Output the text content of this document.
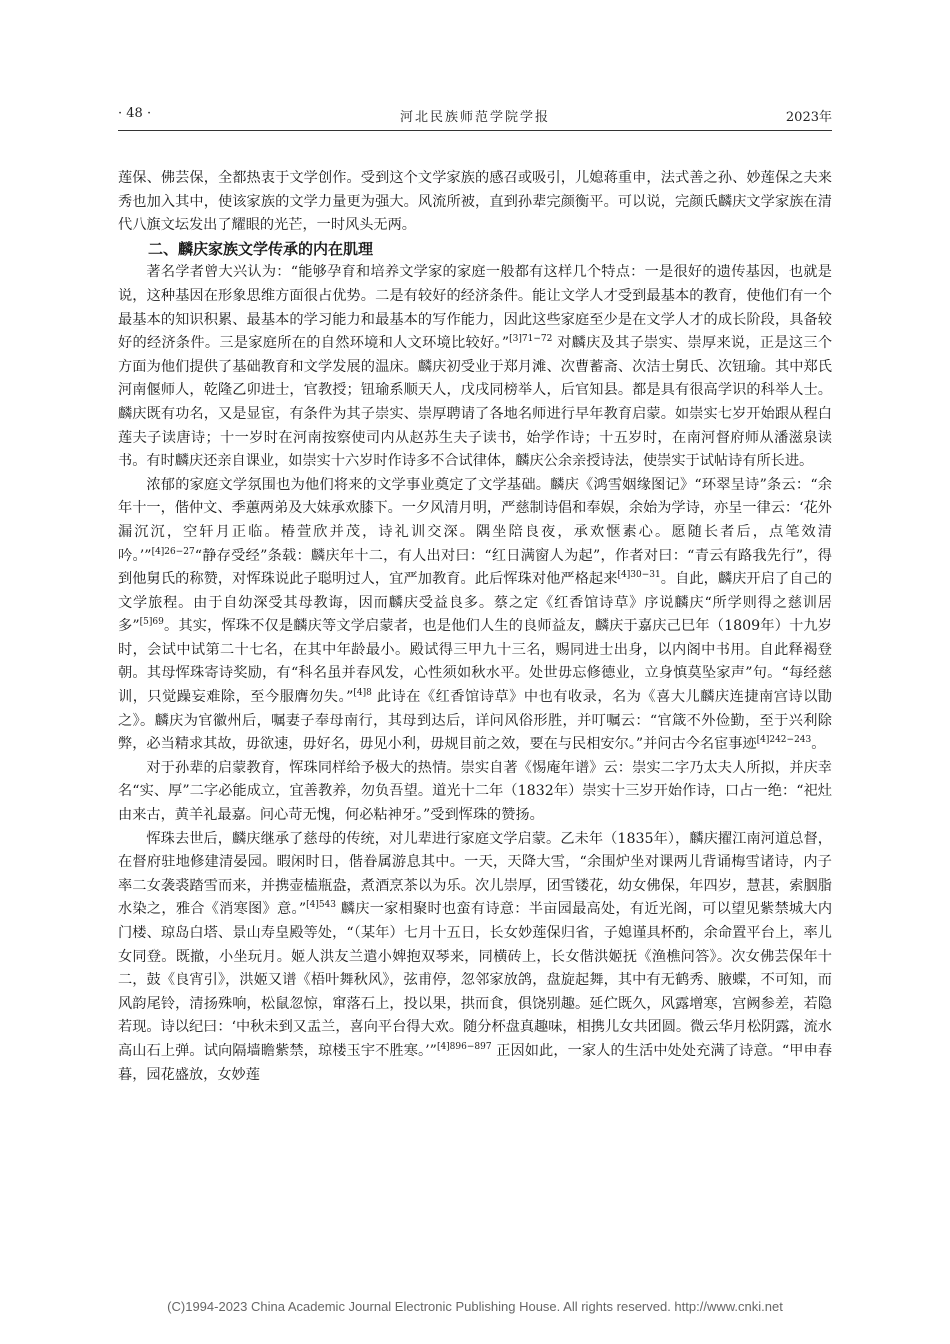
· 48 ·	河北民族师范学院学报	2023年

莲保、佛芸保，全都热衷于文学创作。受到这个文学家族的感召或吸引，儿媳蒋重申，法式善之孙、妙莲保之夫来秀也加入其中，使该家族的文学力量更为强大。风流所被，直到孙辈完颜衡平。可以说，完颜氏麟庆文学家族在清代八旗文坛发出了耀眼的光芒，一时风头无两。

二、麟庆家族文学传承的内在肌理

著名学者曾大兴认为：“能够孕育和培养文学家的家庭一般都有这样几个特点：一是很好的遗传基因，也就是说，这种基因在形象思维方面很占优势。二是有较好的经济条件。能让文学人才受到最基本的教育，使他们有一个最基本的知识积累、最基本的学习能力和最基本的写作能力，因此这些家庭至少是在文学人才的成长阶段，具备较好的经济条件。三是家庭所在的自然环境和人文环境比较好。”$^{[3]71-72}$ 对麟庆及其子崇实、崇厚来说，正是这三个方面为他们提供了基础教育和文学发展的温床。麟庆初受业于郑月滩、次曹蓄斋、次洁士舅氏、次钮瑜。其中郑氏河南偃师人，乾隆乙卯进士，官教授；钮瑜系顺天人，戊戌同榜举人，后官知县。都是具有很高学识的科举人士。麟庆既有功名，又是显宦，有条件为其子崇实、崇厚聘请了各地名师进行早年教育启蒙。如崇实七岁开始跟从程白莲夫子读唐诗；十一岁时在河南按察使司内从赵苏生夫子读书，始学作诗；十五岁时，在南河督府师从潘滋泉读书。有时麟庆还亲自课业，如崇实十六岁时作诗多不合试律体，麟庆公余亲授诗法，使崇实于试帖诗有所长进。

浓郁的家庭文学氛围也为他们将来的文学事业奠定了文学基础。麟庆《鸿雪姻缘图记》“环翠呈诗”条云：“余年十一，偕仲文、季蕙两弟及大妹承欢膝下。一夕风清月明，严慈制诗倡和奉娱，余始为学诗，亦呈一律云：‘花外漏沉沉，空轩月正临。椿萱欣并茂，诗礼训交深。隅坐陪良夜，承欢惬素心。愿随长者后，点笔效清吟。’”$^{[4]26-27}$“静存受经”条载：麟庆年十二，有人出对曰：“红日满窗人为起”，作者对曰：“青云有路我先行”，得到他舅氏的称赞，对恽珠说此子聪明过人，宜严加教育。此后恽珠对他严格起来$^{[4]30-31}$。自此，麟庆开启了自己的文学旅程。由于自幼深受其母教诲，因而麟庆受益良多。蔡之定《红香馆诗草》序说麟庆“所学则得之慈训居多”$^{[5]69}$。其实，恽珠不仅是麟庆等文学启蒙者，也是他们人生的良师益友，麟庆于嘉庆己巳年（1809年）十九岁时，会试中试第二十七名，在其中年龄最小。殿试得三甲九十三名，赐同进士出身，以内阁中书用。自此释褐登朝。其母恽珠寄诗奖励，有“科名虽并春风发，心性须如秋水平。处世毋忘修德业，立身慎莫坠家声”句。“每经慈训，只觉躁妄难除，至今服膺勿失。”$^{[4]8}$ 此诗在《红香馆诗草》中也有收录，名为《喜大儿麟庆连捷南宫诗以勖之》。麟庆为官徽州后，嘱妻子奉母南行，其母到达后，详问风俗形胜，并叮嘱云：“官箴不外俭勤，至于兴利除弊，必当精求其故，毋欲速，毋好名，毋见小利，毋规目前之效，要在与民相安尔。”并问古今名宦事迹$^{[4]242-243}$。

对于孙辈的启蒙教育，恽珠同样给予极大的热情。崇实自著《惕庵年谱》云：崇实二字乃太夫人所拟，并庆幸名“实、厚”二字必能成立，宜善教养，勿负吾望。道光十二年（1832年）崇实十三岁开始作诗，口占一绝：“祀灶由来古，黄羊礼最嘉。问心苛无愧，何必粘神牙。”受到恽珠的赞扬。

恽珠去世后，麟庆继承了慈母的传统，对儿辈进行家庭文学启蒙。乙未年（1835年），麟庆擢江南河道总督，在督府驻地修建清晏园。暇闲时日，偕眷属游息其中。一天，天降大雪，“余围炉坐对课两儿背诵梅雪诸诗，内子率二女袭裘踏雪而来，并携壶榼瓶盎，煮酒烹茶以为乐。次儿崇厚，团雪镂花，幼女佛保，年四岁，慧甚，索胭脂水染之，雅合《消寒图》意。”$^{[4]543}$ 麟庆一家相聚时也蛮有诗意：半亩园最高处，有近光阁，可以望见紫禁城大内门楼、琼岛白塔、景山寿皇殿等处，“（某年）七月十五日，长女妙莲保归省，子媳谨具杯酌，余命置平台上，率儿女同登。既撤，小坐玩月。姬人洪友兰遣小婢抱双琴来，同横砖上，长女偕洪姬抚《渔樵问答》。次女佛芸保年十二，鼓《良宵引》，洪姬又谱《梧叶舞秋风》，弦甫停，忽邻家放鸽，盘旋起舞，其中有无鹤秀、腋蝶，不可知，而风韵尾铃，清扬殊响，松鼠忽惊，窜落石上，投以果，拱而食，俱饶别趣。延伫既久，风露增寒，宫阙参差，若隐若现。诗以纪曰：‘中秋未到又盂兰，喜向平台得大欢。随分杯盘真趣味，相携儿女共团圆。微云华月松阴露，流水高山石上弹。试向隔墙瞻紫禁，琼楼玉宇不胜寒。’”$^{[4]896-897}$ 正因如此，一家人的生活中处处充满了诗意。“甲申春暮，园花盛放，女妙莲

(C)1994-2023 China Academic Journal Electronic Publishing House. All rights reserved. http://www.cnki.net
